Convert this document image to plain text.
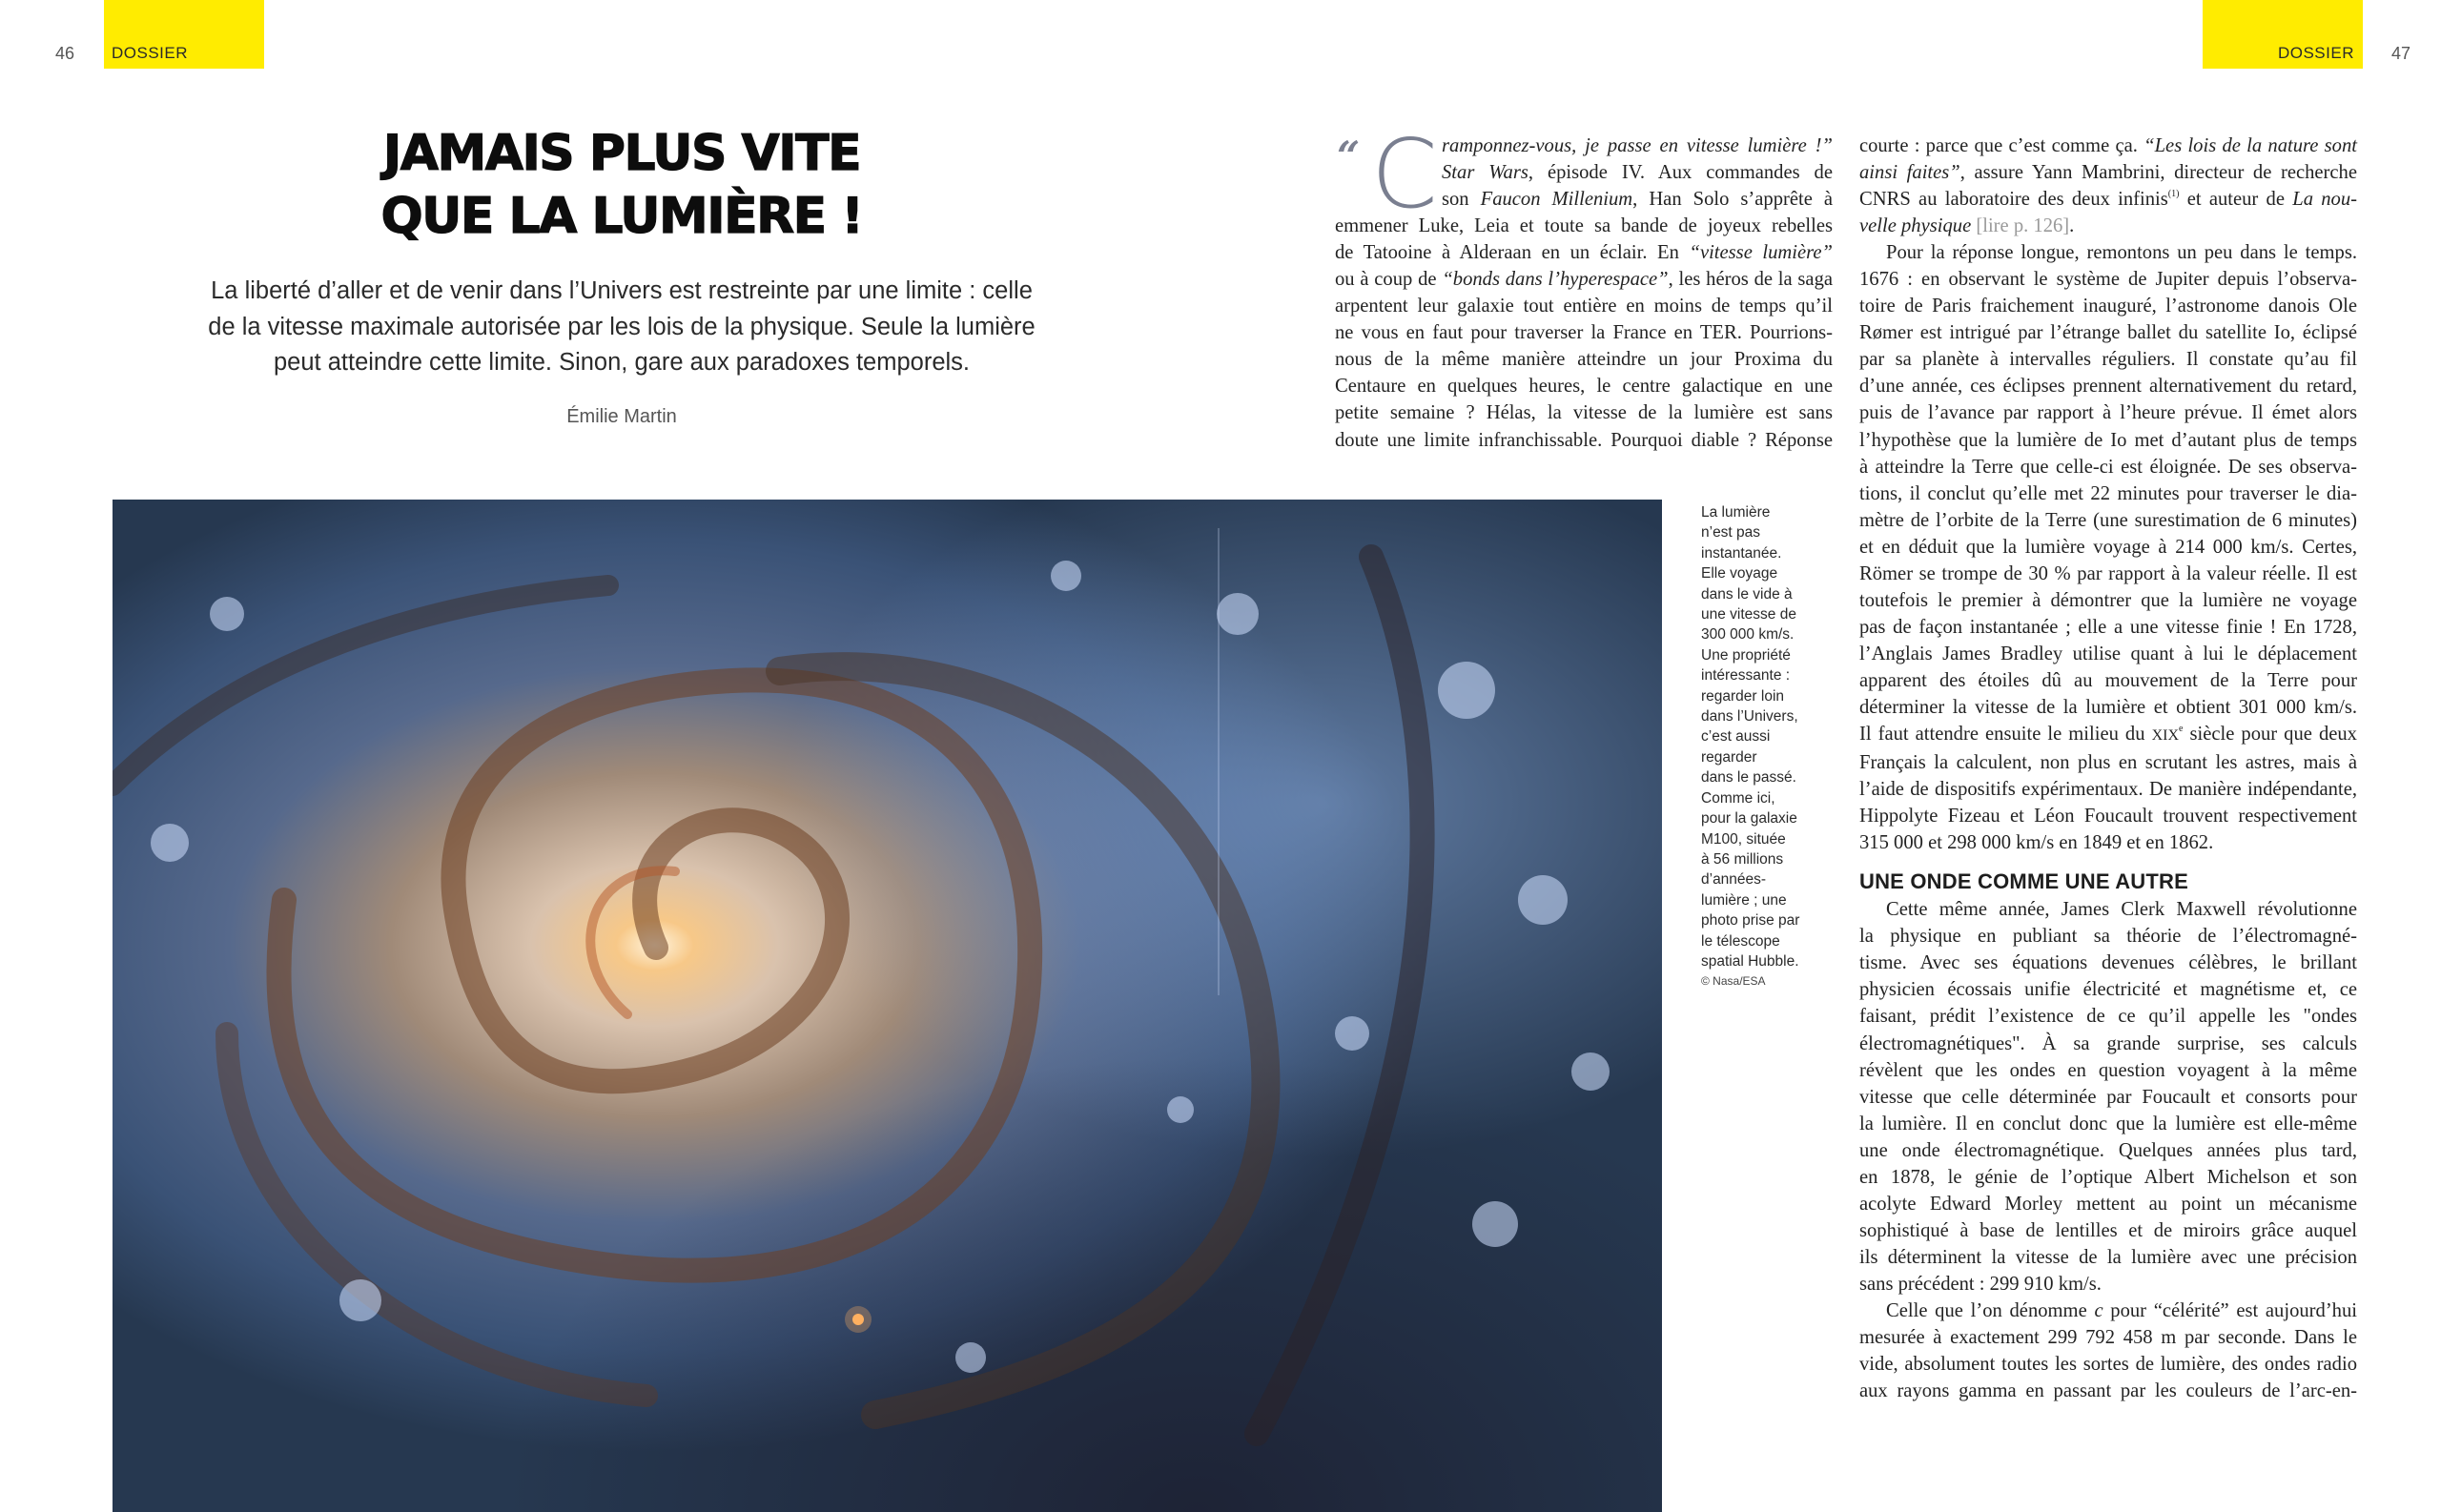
46	DOSSIER	DOSSIER	47
JAMAIS PLUS VITE
QUE LA LUMIÈRE !

La liberté d’aller et de venir dans l’Univers est restreinte par une limite : celle
de la vitesse maximale autorisée par les lois de la physique. Seule la lumière
peut atteindre cette limite. Sinon, gare aux paradoxes temporels.

Émilie Martin
La lumière
n’est pas
instantanée.
Elle voyage
dans le vide à
une vitesse de
300 000 km/s.
Une propriété
intéressante :
regarder loin
dans l’Univers,
c’est aussi
regarder
dans le passé.
Comme ici,
pour la galaxie
M100, située
à 56 millions
d’années-
lumière ; une
photo prise par
le télescope
spatial Hubble.
© Nasa/ESA
“ C ramponnez-vous, je passe en vitesse lumière !”
Star Wars, épisode IV. Aux commandes de
son Faucon Millenium, Han Solo s’apprête à
emmener Luke, Leia et toute sa bande de joyeux rebelles
de Tatooine à Alderaan en un éclair. En “vitesse lumière”
ou à coup de “bonds dans l’hyperespace”, les héros de la saga
arpentent leur galaxie tout entière en moins de temps qu’il
ne vous en faut pour traverser la France en TER. Pourrions-
nous de la même manière atteindre un jour Proxima du
Centaure en quelques heures, le centre galactique en une
petite semaine ? Hélas, la vitesse de la lumière est sans
doute une limite infranchissable. Pourquoi diable ? Réponse
courte : parce que c’est comme ça. “Les lois de la nature sont
ainsi faites”, assure Yann Mambrini, directeur de recherche
CNRS au laboratoire des deux infinis$^{(1)}$ et auteur de La nou-
velle physique [lire p. 126].
Pour la réponse longue, remontons un peu dans le temps.
1676 : en observant le système de Jupiter depuis l’observa-
toire de Paris fraichement inauguré, l’astronome danois Ole
Rømer est intrigué par l’étrange ballet du satellite Io, éclipsé
par sa planète à intervalles réguliers. Il constate qu’au fil
d’une année, ces éclipses prennent alternativement du retard,
puis de l’avance par rapport à l’heure prévue. Il émet alors
l’hypothèse que la lumière de Io met d’autant plus de temps
à atteindre la Terre que celle-ci est éloignée. De ses observa-
tions, il conclut qu’elle met 22 minutes pour traverser le dia-
mètre de l’orbite de la Terre (une surestimation de 6 minutes)
et en déduit que la lumière voyage à 214 000 km/s. Certes,
Römer se trompe de 30 % par rapport à la valeur réelle. Il est
toutefois le premier à démontrer que la lumière ne voyage
pas de façon instantanée ; elle a une vitesse finie ! En 1728,
l’Anglais James Bradley utilise quant à lui le déplacement
apparent des étoiles dû au mouvement de la Terre pour
déterminer la vitesse de la lumière et obtient 301 000 km/s.
Il faut attendre ensuite le milieu du XIXe siècle pour que deux
Français la calculent, non plus en scrutant les astres, mais à
l’aide de dispositifs expérimentaux. De manière indépendante,
Hippolyte Fizeau et Léon Foucault trouvent respectivement
315 000 et 298 000 km/s en 1849 et en 1862.
UNE ONDE COMME UNE AUTRE
Cette même année, James Clerk Maxwell révolutionne
la physique en publiant sa théorie de l’électromagné-
tisme. Avec ses équations devenues célèbres, le brillant
physicien écossais unifie électricité et magnétisme et, ce
faisant, prédit l’existence de ce qu’il appelle les "ondes
électromagnétiques". À sa grande surprise, ses calculs
révèlent que les ondes en question voyagent à la même
vitesse que celle déterminée par Foucault et consorts pour
la lumière. Il en conclut donc que la lumière est elle-même
une onde électromagnétique. Quelques années plus tard,
en 1878, le génie de l’optique Albert Michelson et son
acolyte Edward Morley mettent au point un mécanisme
sophistiqué à base de lentilles et de miroirs grâce auquel
ils déterminent la vitesse de la lumière avec une précision
sans précédent : 299 910 km/s.
Celle que l’on dénomme c pour “célérité” est aujourd’hui
mesurée à exactement 299 792 458 m par seconde. Dans le
vide, absolument toutes les sortes de lumière, des ondes radio
aux rayons gamma en passant par les couleurs de l’arc-en-
